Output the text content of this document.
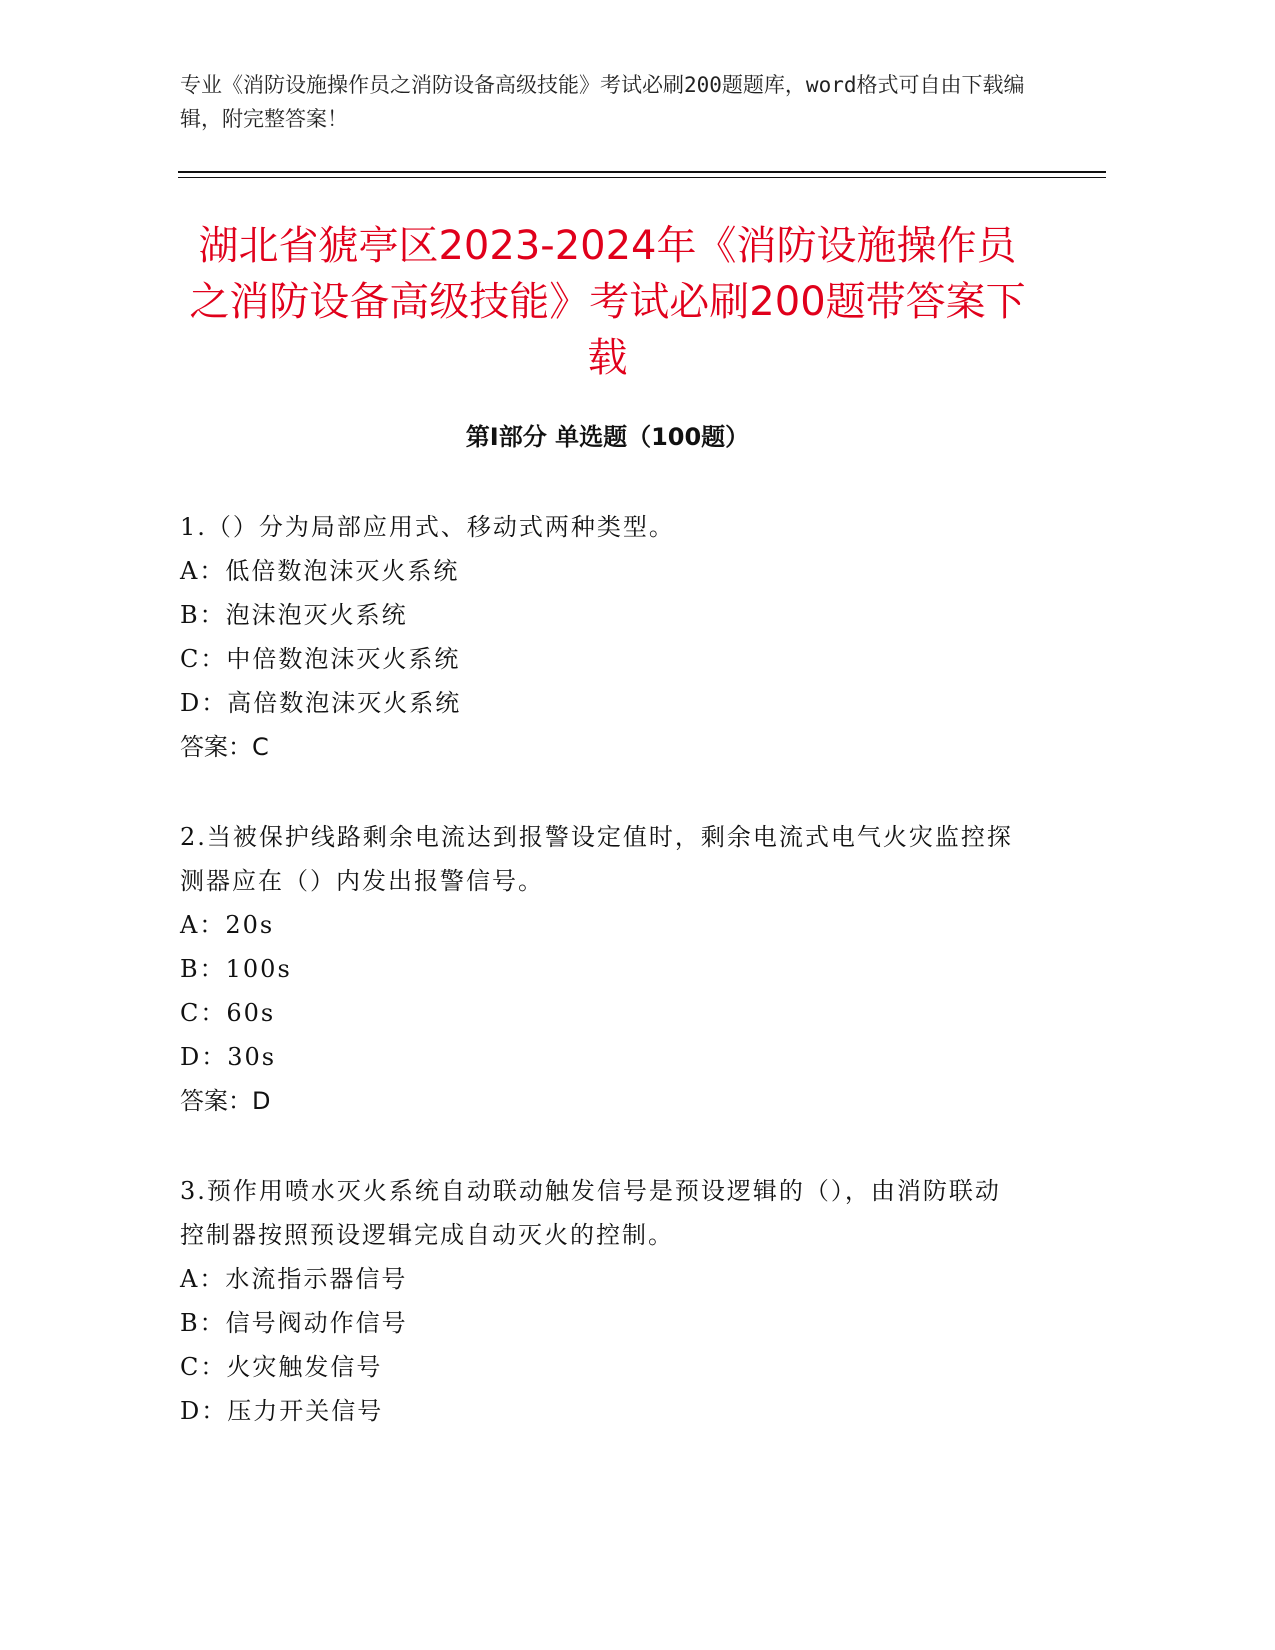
专业《消防设施操作员之消防设备高级技能》考试必刷200题题库，word格式可自由下载编辑，附完整答案！
湖北省猇亭区2023-2024年《消防设施操作员之消防设备高级技能》考试必刷200题带答案下载
第Ⅰ部分 单选题（100题）
1.（）分为局部应用式、移动式两种类型。
A：低倍数泡沫灭火系统
B：泡沫泡灭火系统
C：中倍数泡沫灭火系统
D：高倍数泡沫灭火系统
答案：C
2.当被保护线路剩余电流达到报警设定值时，剩余电流式电气火灾监控探测器应在（）内发出报警信号。
A：20s
B：100s
C：60s
D：30s
答案：D
3.预作用喷水灭火系统自动联动触发信号是预设逻辑的（），由消防联动控制器按照预设逻辑完成自动灭火的控制。
A：水流指示器信号
B：信号阀动作信号
C：火灾触发信号
D：压力开关信号
